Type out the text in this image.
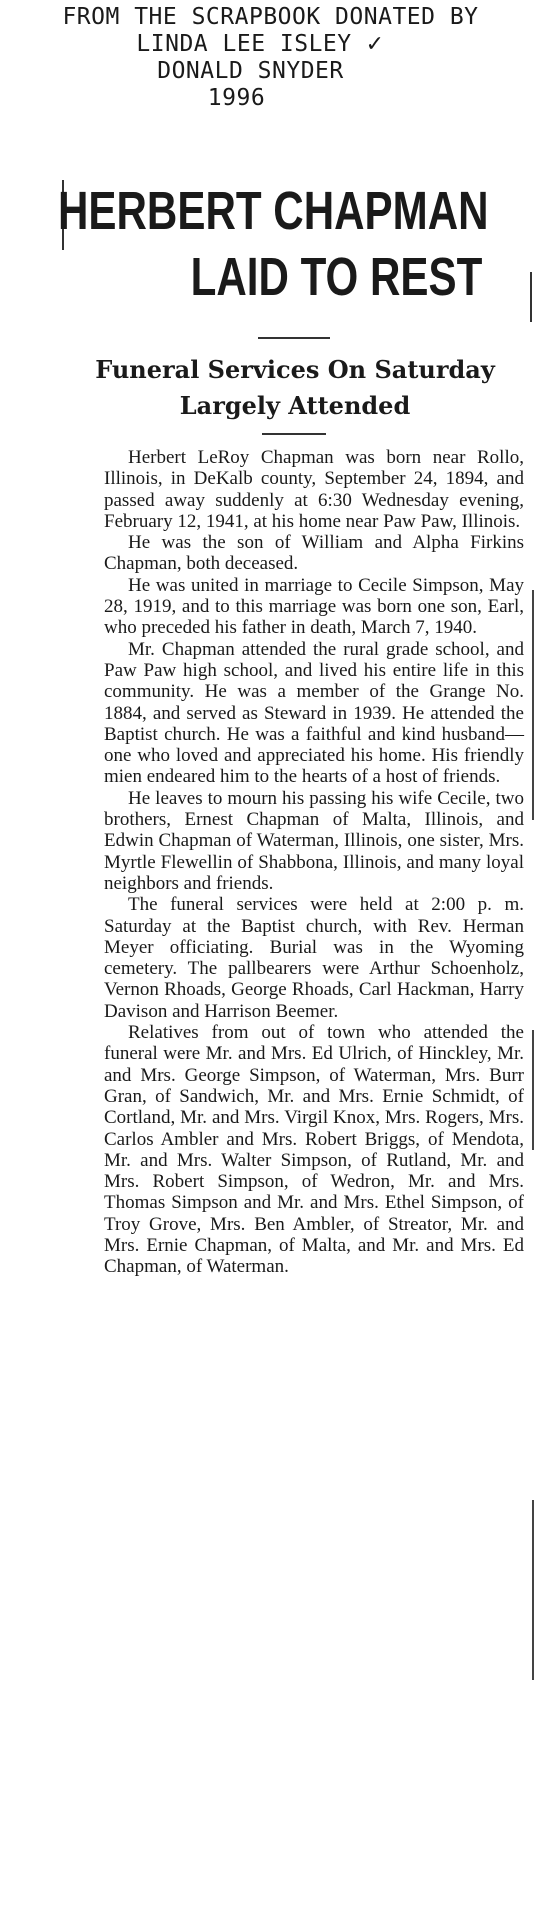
FROM THE SCRAPBOOK DONATED BY
LINDA LEE ISLEY ✓
DONALD SNYDER
1996
HERBERT CHAPMAN
LAID TO REST
Funeral Services On Saturday
Largely Attended

Herbert LeRoy Chapman was born near Rollo, Illinois, in DeKalb county, September 24, 1894, and passed away suddenly at 6:30 Wednesday evening, February 12, 1941, at his home near Paw Paw, Illinois.

He was the son of William and Alpha Firkins Chapman, both deceased.

He was united in marriage to Cecile Simpson, May 28, 1919, and to this marriage was born one son, Earl, who preceded his father in death, March 7, 1940.

Mr. Chapman attended the rural grade school, and Paw Paw high school, and lived his entire life in this community. He was a member of the Grange No. 1884, and served as Steward in 1939. He attended the Baptist church. He was a faithful and kind husband—one who loved and appreciated his home. His friendly mien endeared him to the hearts of a host of friends.

He leaves to mourn his passing his wife Cecile, two brothers, Ernest Chapman of Malta, Illinois, and Edwin Chapman of Waterman, Illinois, one sister, Mrs. Myrtle Flewellin of Shabbona, Illinois, and many loyal neighbors and friends.

The funeral services were held at 2:00 p. m. Saturday at the Baptist church, with Rev. Herman Meyer officiating. Burial was in the Wyoming cemetery. The pallbearers were Arthur Schoenholz, Vernon Rhoads, George Rhoads, Carl Hackman, Harry Davison and Harrison Beemer.

Relatives from out of town who attended the funeral were Mr. and Mrs. Ed Ulrich, of Hinckley, Mr. and Mrs. George Simpson, of Waterman, Mrs. Burr Gran, of Sandwich, Mr. and Mrs. Ernie Schmidt, of Cortland, Mr. and Mrs. Virgil Knox, Mrs. Rogers, Mrs. Carlos Ambler and Mrs. Robert Briggs, of Mendota, Mr. and Mrs. Walter Simpson, of Rutland, Mr. and Mrs. Robert Simpson, of Wedron, Mr. and Mrs. Thomas Simpson and Mr. and Mrs. Ethel Simpson, of Troy Grove, Mrs. Ben Ambler, of Streator, Mr. and Mrs. Ernie Chapman, of Malta, and Mr. and Mrs. Ed Chapman, of Waterman.
